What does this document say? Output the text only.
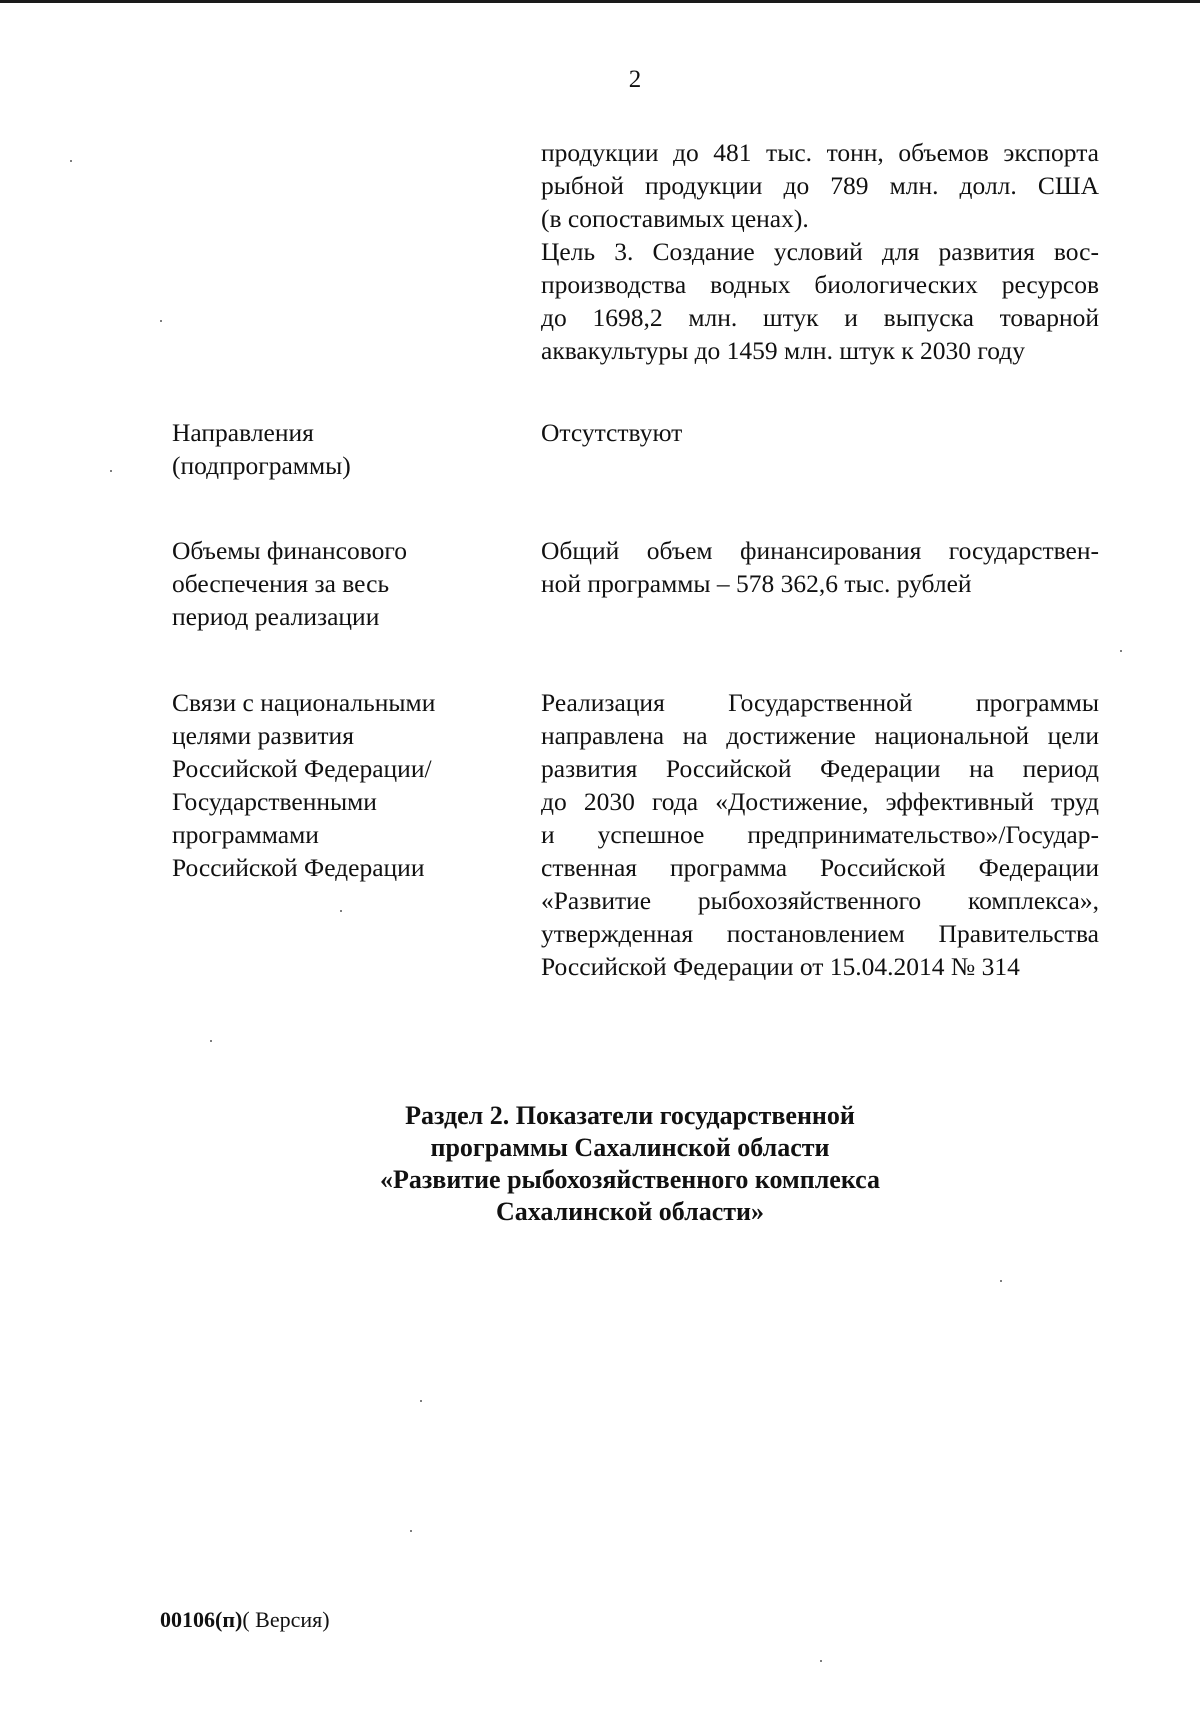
2
продукции до 481 тыс. тонн, объемов экспорта
рыбной продукции до 789 млн. долл. США
(в сопоставимых ценах).
Цель 3. Создание условий для развития вос-
производства водных биологических ресурсов
до 1698,2 млн. штук и выпуска товарной
аквакультуры до 1459 млн. штук к 2030 году
Направления
(подпрограммы)
Отсутствуют
Объемы финансового
обеспечения за весь
период реализации
Общий объем финансирования государствен-
ной программы – 578 362,6 тыс. рублей
Связи с национальными
целями развития
Российской Федерации/
Государственными
программами
Российской Федерации
Реализация Государственной программы
направлена на достижение национальной цели
развития Российской Федерации на период
до 2030 года «Достижение, эффективный труд
и успешное предпринимательство»/Государ-
ственная программа Российской Федерации
«Развитие рыбохозяйственного комплекса»,
утвержденная постановлением Правительства
Российской Федерации от 15.04.2014 № 314
Раздел 2. Показатели государственной
программы Сахалинской области
«Развитие рыбохозяйственного комплекса
Сахалинской области»
00106(п)( Версия)
